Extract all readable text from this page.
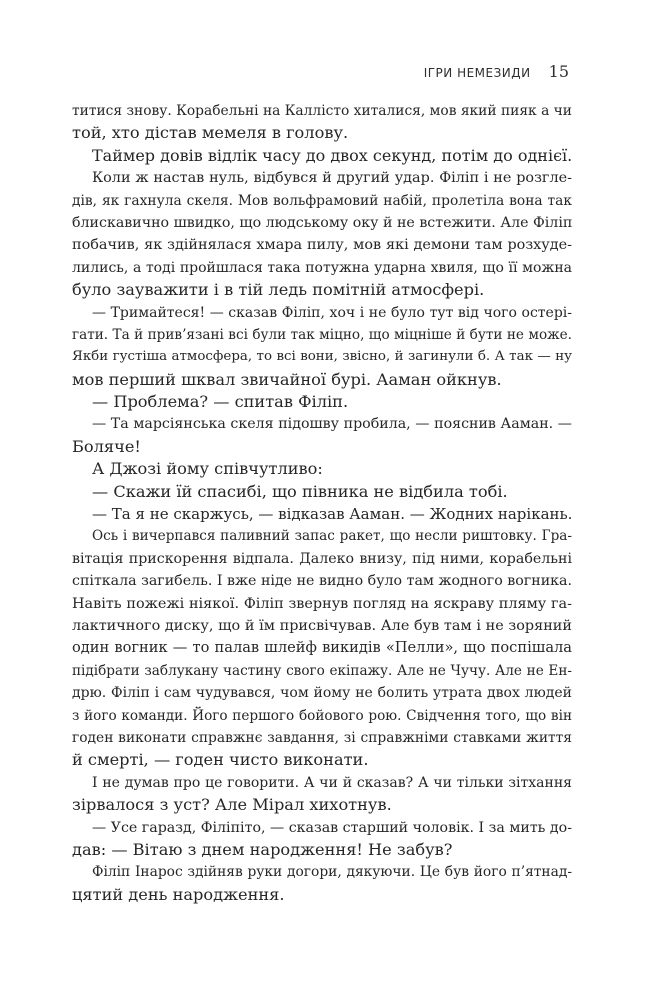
ІГРИ НЕМЕЗИДИ 15
титися знову. Корабельні на Каллісто хиталися, мов який пияк а чи
той, хто дістав мемеля в голову.
Таймер довів відлік часу до двох секунд, потім до однієї.
Коли ж настав нуль, відбувся й другий удар. Філіп і не розгле-
дів, як гахнула скеля. Мов вольфрамовий набій, пролетіла вона так
блискавично швидко, що людському оку й не встежити. Але Філіп
побачив, як здійнялася хмара пилу, мов які демони там розхуде-
лились, а тоді пройшлася така потужна ударна хвиля, що її можна
було зауважити і в тій ледь помітній атмосфері.
— Тримайтеся! — сказав Філіп, хоч і не було тут від чого остері-
гати. Та й прив’язані всі були так міцно, що міцніше й бути не може.
Якби густіша атмосфера, то всі вони, звісно, й загинули б. А так — ну
мов перший шквал звичайної бурі. Ааман ойкнув.
— Проблема? — спитав Філіп.
— Та марсіянська скеля підошву пробила, — пояснив Ааман. —
Боляче!
А Джозі йому співчутливо:
— Скажи їй спасибі, що півника не відбила тобі.
— Та я не скаржусь, — відказав Ааман. — Жодних нарікань.
Ось і вичерпався паливний запас ракет, що несли риштовку. Гра-
вітація прискорення відпала. Далеко внизу, під ними, корабельні
спіткала загибель. І вже ніде не видно було там жодного вогника.
Навіть пожежі ніякої. Філіп звернув погляд на яскраву пляму га-
лактичного диску, що й їм присвічував. Але був там і не зоряний
один вогник — то палав шлейф викидів «Пелли», що поспішала
підібрати заблукану частину свого екіпажу. Але не Чучу. Але не Ен-
дрю. Філіп і сам чудувався, чом йому не болить утрата двох людей
з його команди. Його першого бойового рою. Свідчення того, що він
годен виконати справжнє завдання, зі справжніми ставками життя
й смерті, — годен чисто виконати.
І не думав про це говорити. А чи й сказав? А чи тільки зітхання
зірвалося з уст? Але Мірал хихотнув.
— Усе гаразд, Філіпіто, — сказав старший чоловік. І за мить до-
дав: — Вітаю з днем народження! Не забув?
Філіп Інарос здійняв руки догори, дякуючи. Це був його п’ятнад-
цятий день народження.
